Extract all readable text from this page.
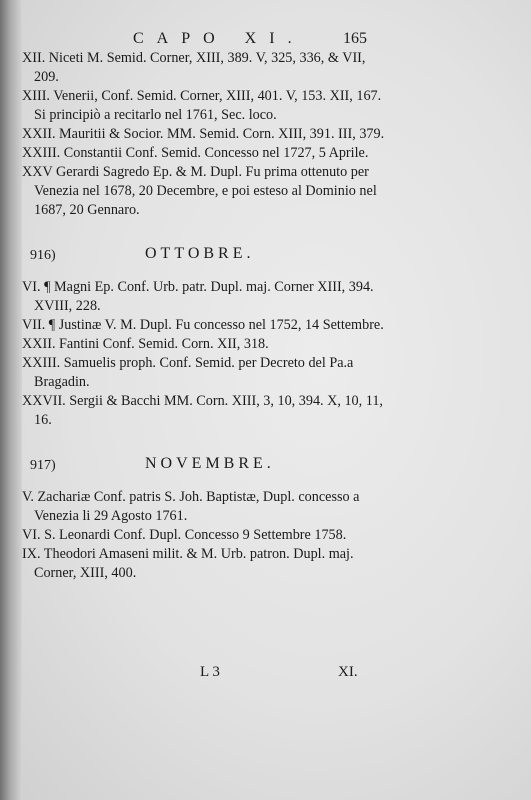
CAPO XI. 165

XII. Niceti M. Semid. Corner, XIII, 389. V, 325, 336, & VII, 209.

XIII. Venerii, Conf. Semid. Corner, XIII, 401. V, 153. XII, 167. Si principiò a recitarlo nel 1761, Sec. loco.

XXII. Mauritii & Socior. MM. Semid. Corn. XIII, 391. III, 379.

XXIII. Constantii Conf. Semid. Concesso nel 1727, 5 Aprile.

XXV Gerardi Sagredo Ep. & M. Dupl. Fu prima ottenuto per Venezia nel 1678, 20 Decembre, e poi esteso al Dominio nel 1687, 20 Gennaro.

916)	OTTOBRE.

VI. ¶ Magni Ep. Conf. Urb. patr. Dupl. maj. Corner XIII, 394. XVIII, 228.

VII. ¶ Justinæ V. M. Dupl. Fu concesso nel 1752, 14 Settembre.

XXII. Fantini Conf. Semid. Corn. XII, 318.

XXIII. Samuelis proph. Conf. Semid. per Decreto del Pa.a Bragadin.

XXVII. Sergii & Bacchi MM. Corn. XIII, 3, 10, 394. X, 10, 11, 16.

917)	NOVEMBRE.

V. Zachariæ Conf. patris S. Joh. Baptistæ, Dupl. concesso a Venezia li 29 Agosto 1761.

VI. S. Leonardi Conf. Dupl. Concesso 9 Settembre 1758.

IX. Theodori Amaseni milit. & M. Urb. patron. Dupl. maj. Corner, XIII, 400.

L 3	XI.
